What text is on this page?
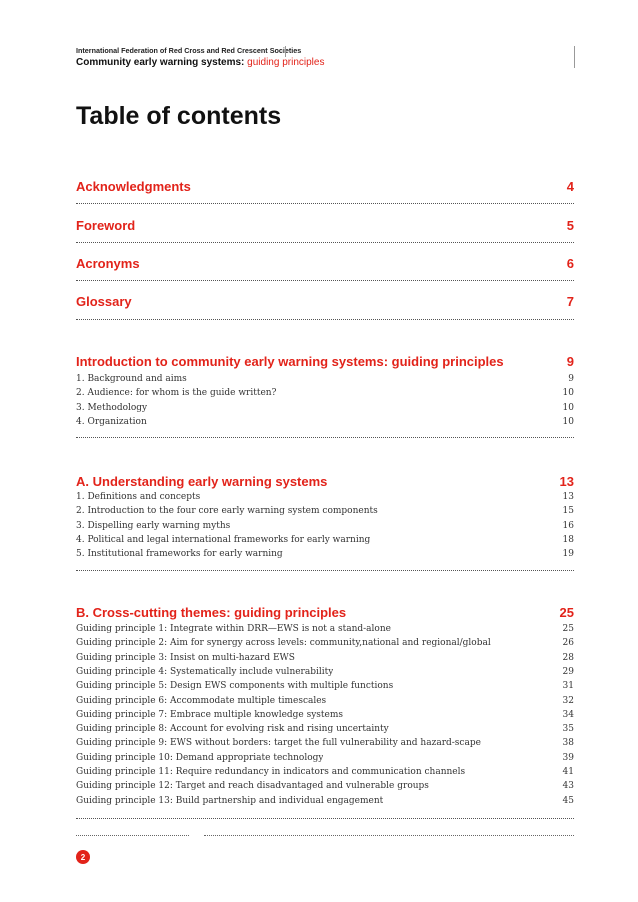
International Federation of Red Cross and Red Crescent Societies
Community early warning systems: guiding principles
Table of contents
Acknowledgments	4
Foreword	5
Acronyms	6
Glossary	7
Introduction to community early warning systems: guiding principles	9
1. Background and aims	9
2. Audience: for whom is the guide written?	10
3. Methodology	10
4. Organization	10
A. Understanding early warning systems	13
1. Definitions and concepts	13
2. Introduction to the four core early warning system components	15
3. Dispelling early warning myths	16
4. Political and legal international frameworks for early warning	18
5. Institutional frameworks for early warning	19
B. Cross-cutting themes: guiding principles	25
Guiding principle 1: Integrate within DRR—EWS is not a stand-alone	25
Guiding principle 2: Aim for synergy across levels: community,national and regional/global	26
Guiding principle 3: Insist on multi-hazard EWS	28
Guiding principle 4: Systematically include vulnerability	29
Guiding principle 5: Design EWS components with multiple functions	31
Guiding principle 6: Accommodate multiple timescales	32
Guiding principle 7: Embrace multiple knowledge systems	34
Guiding principle 8: Account for evolving risk and rising uncertainty	35
Guiding principle 9: EWS without borders: target the full vulnerability and hazard-scape	38
Guiding principle 10: Demand appropriate technology	39
Guiding principle 11: Require redundancy in indicators and communication channels	41
Guiding principle 12: Target and reach disadvantaged and vulnerable groups	43
Guiding principle 13: Build partnership and individual engagement	45
2
